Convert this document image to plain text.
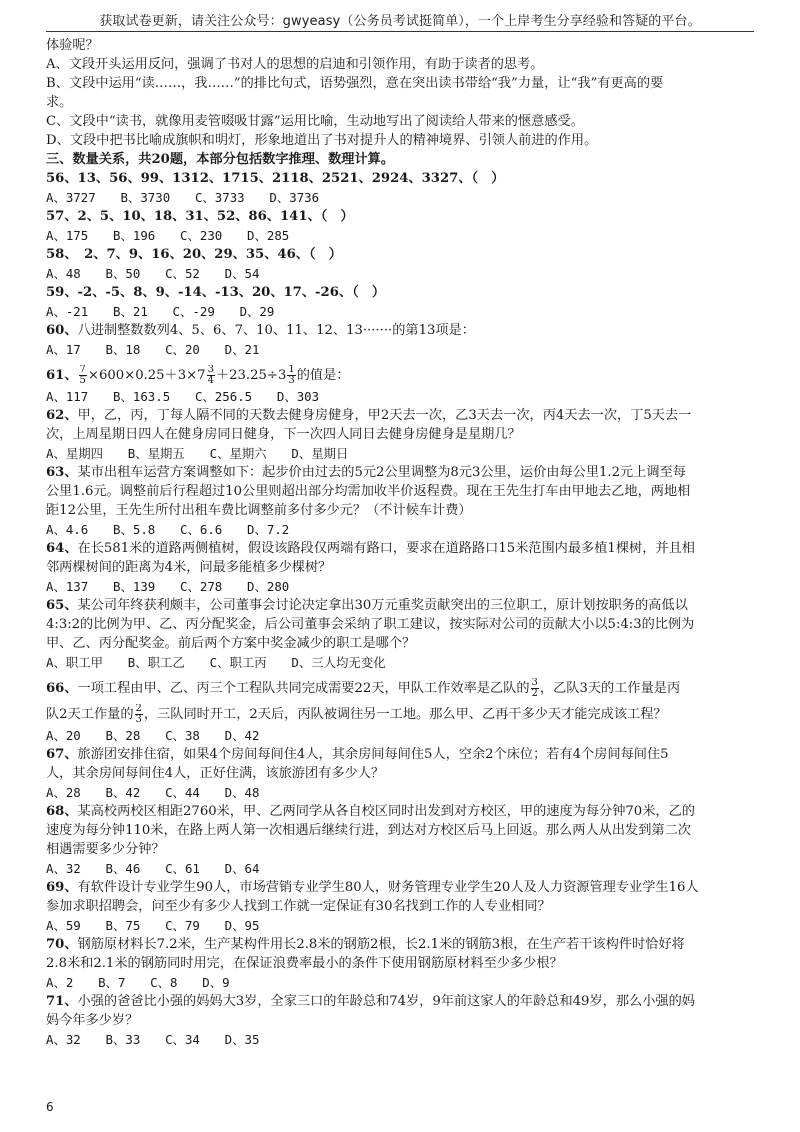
获取试卷更新，请关注公众号：gwyeasy（公务员考试挺简单），一个上岸考生分享经验和答疑的平台。
体验呢？
A、文段开头运用反问，强调了书对人的思想的启迪和引领作用，有助于读者的思考。
B、文段中运用“读……，我……”的排比句式，语势强烈，意在突出读书带给“我”力量，让“我”有更高的要
求。
C、文段中“读书，就像用麦管啜吸甘露”运用比喻，生动地写出了阅读给人带来的惬意感受。
D、文段中把书比喻成旗帜和明灯，形象地道出了书对提升人的精神境界、引领人前进的作用。
三、数量关系，共20题，本部分包括数字推理、数理计算。
56、13、56、99、1312、1715、2118、2521、2924、3327、（　）
A、3727　　B、3730　　C、3733　　D、3736
57、2、5、10、18、31、52、86、141、（　）
A、175　　B、196　　C、230　　D、285
58、　2、7、9、16、20、29、35、46、（　）
A、48　　B、50　　C、52　　D、54
59、-2、-5、8、9、-14、-13、20、17、-26、（　）
A、-21　　B、21　　C、-29　　D、29
60、八进制整数数列4、5、6、7、10、11、12、13·······的第13项是：
A、17　　B、18　　C、20　　D、21
61、 $\frac{7}{5} \times 600\times 0.25+3\times 7 \frac{3}{4} +23.25\div 3 \frac{1}{3}$ 的值是：
A、117　　B、163.5　　C、256.5　　D、303
62、甲，乙，丙，丁每人隔不同的天数去健身房健身，甲2天去一次，乙3天去一次，丙4天去一次，丁5天去一
次，上周星期日四人在健身房同日健身，下一次四人同日去健身房健身是星期几？
A、星期四　　B、星期五　　C、星期六　　D、星期日
63、某市出租车运营方案调整如下：起步价由过去的5元2公里调整为8元3公里，运价由每公里1.2元上调至每
公里1.6元。调整前后行程超过10公里则超出部分均需加收半价返程费。现在王先生打车由甲地去乙地，两地相
距12公里，王先生所付出租车费比调整前多付多少元？（不计候车计费）
A、4.6　　B、5.8　　C、6.6　　D、7.2
64、在长581米的道路两侧植树，假设该路段仅两端有路口，要求在道路路口15米范围内最多植1棵树，并且相
邻两棵树间的距离为4米，问最多能植多少棵树？
A、137　　B、139　　C、278　　D、280
65、某公司年终获利颇丰，公司董事会讨论决定拿出30万元重奖贡献突出的三位职工，原计划按职务的高低以
4:3:2的比例为甲、乙、丙分配奖金，后公司董事会采纳了职工建议，按实际对公司的贡献大小以5:4:3的比例为
甲、乙、丙分配奖金。前后两个方案中奖金减少的职工是哪个？
A、职工甲　　B、职工乙　　C、职工丙　　D、三人均无变化
66、一项工程由甲、乙、丙三个工程队共同完成需要22天，甲队工作效率是乙队的 $\frac{3}{2}$ ，乙队3天的工作量是丙
队2天工作量的 $\frac{2}{3}$ ，三队同时开工，2天后，丙队被调往另一工地。那么甲、乙再干多少天才能完成该工程？
A、20　　B、28　　C、38　　D、42
67、旅游团安排住宿，如果4个房间每间住4人，其余房间每间住5人，空余2个床位；若有4个房间每间住5
人，其余房间每间住4人，正好住满，该旅游团有多少人？
A、28　　B、42　　C、44　　D、48
68、某高校两校区相距2760米，甲、乙两同学从各自校区同时出发到对方校区，甲的速度为每分钟70米，乙的
速度为每分钟110米，在路上两人第一次相遇后继续行进，到达对方校区后马上回返。那么两人从出发到第二次
相遇需要多少分钟？
A、32　　B、46　　C、61　　D、64
69、有软件设计专业学生90人，市场营销专业学生80人，财务管理专业学生20人及人力资源管理专业学生16人
参加求职招聘会，问至少有多少人找到工作就一定保证有30名找到工作的人专业相同？
A、59　　B、75　　C、79　　D、95
70、钢筋原材料长7.2米，生产某构件用长2.8米的钢筋2根，长2.1米的钢筋3根，在生产若干该构件时恰好将
2.8米和2.1米的钢筋同时用完，在保证浪费率最小的条件下使用钢筋原材料至少多少根？
A、2　　B、7　　C、8　　D、9
71、小强的爸爸比小强的妈妈大3岁，全家三口的年龄总和74岁，9年前这家人的年龄总和49岁，那么小强的妈
妈今年多少岁？
A、32　　B、33　　C、34　　D、35
6
